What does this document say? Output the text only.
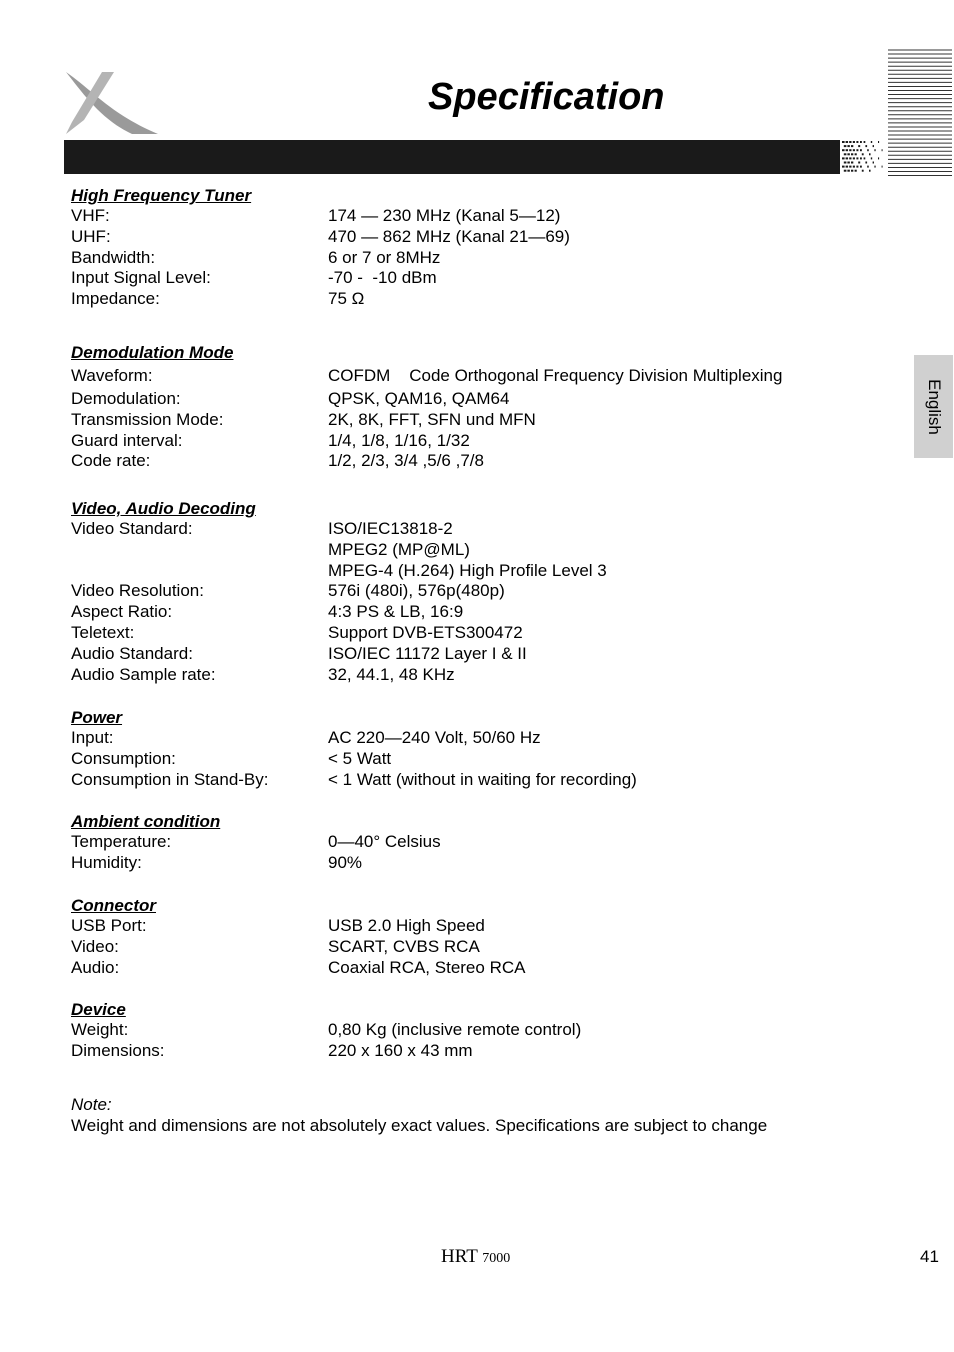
Specification
English
High Frequency Tuner
VHF:	174 — 230 MHz (Kanal 5—12)
UHF:	470 — 862 MHz (Kanal 21—69)
Bandwidth:	6 or 7 or 8MHz
Input Signal Level:	-70 -  -10 dBm
Impedance:	75 Ω
Demodulation Mode
Waveform:	COFDM    Code Orthogonal Frequency Division Multiplexing
Demodulation:	QPSK, QAM16, QAM64
Transmission Mode:	2K, 8K, FFT, SFN und MFN
Guard interval:	1/4, 1/8, 1/16, 1/32
Code rate:	1/2, 2/3, 3/4 ,5/6 ,7/8
Video, Audio Decoding
Video Standard:	ISO/IEC13818-2
MPEG2 (MP@ML)
MPEG-4 (H.264) High Profile Level 3
Video Resolution:	576i (480i), 576p(480p)
Aspect Ratio:	4:3 PS & LB, 16:9
Teletext:	Support DVB-ETS300472
Audio Standard:	ISO/IEC 11172 Layer I & II
Audio Sample rate:	32, 44.1, 48 KHz
Power
Input:	AC 220—240 Volt, 50/60 Hz
Consumption:	< 5 Watt
Consumption in Stand-By:	< 1 Watt (without in waiting for recording)
Ambient condition
Temperature:	0—40° Celsius
Humidity:	90%
Connector
USB Port:	USB 2.0 High Speed
Video:	SCART, CVBS RCA
Audio:	Coaxial RCA, Stereo RCA
Device
Weight:	0,80 Kg (inclusive remote control)
Dimensions:	220 x 160 x 43 mm
Note:
Weight and dimensions are not absolutely exact values. Specifications are subject to change
HRT 7000	41
